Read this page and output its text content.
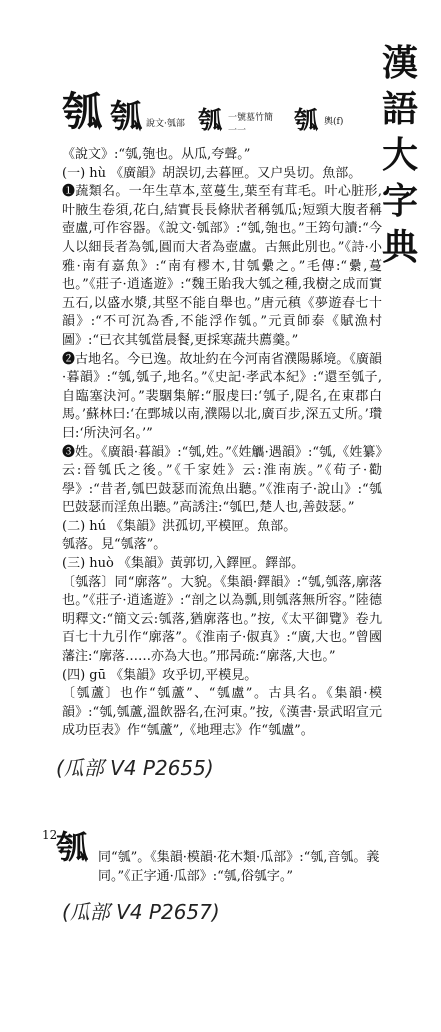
漢
語
大
字
典
瓠 瓠 說文·瓠部 瓠 一號墓竹簡一一	瓠 輿(f)

《說文》:“瓠,匏也。从瓜,夸聲。”

(一) hù 《廣韻》胡誤切,去暮匣。又户吳切。魚部。

❶蔬類名。一年生草本,莖蔓生,葉至有茸毛。叶心脏形,叶腋生卷須,花白,結實長長條狀者稱瓠瓜;短頸大腹者稱壺盧,可作容器。《說文·瓠部》:“瓠,匏也。”王筠句讀:“今人以細長者為瓠,圓而大者為壺盧。古無此別也。”《詩·小雅·南有嘉魚》:“南有樛木,甘瓠纍之。”毛傳:“纍,蔓也。”《莊子·逍遙遊》:“魏王貽我大瓠之種,我樹之成而實五石,以盛水漿,其堅不能自舉也。”唐元稹《夢遊春七十韻》:“不可沉為香,不能浮作瓠。”元貢師泰《賦漁村圖》:“已衣其瓠當晨餐,更採寒蔬共薦羹。”

❷古地名。今已逸。故址約在今河南省濮陽縣境。《廣韻·暮韻》:“瓠,瓠子,地名。”《史記·孝武本紀》:“還至瓠子,自臨塞決河。”裴駰集解:“服虔曰:‘瓠子,隄名,在東郡白馬。’蘇林曰:‘在鄄城以南,濮陽以北,廣百步,深五丈所。’瓚曰:‘所決河名。’”

❸姓。《廣韻·暮韻》:“瓠,姓。”《姓觿·遇韻》:“瓠,《姓纂》云:晉瓠氏之後。”《千家姓》云:淮南族。”《荀子·勸學》:“昔者,瓠巴鼓瑟而流魚出聽。”《淮南子·說山》:“瓠巴鼓瑟而淫魚出聽。”高誘注:“瓠巴,楚人也,善鼓瑟。”

(二) hú 《集韻》洪孤切,平模匣。魚部。

瓠落。見“瓠落”。

(三) huò 《集韻》黃郭切,入鐸匣。鐸部。

〔瓠落〕同“廓落”。大貌。《集韻·鐸韻》:“瓠,瓠落,廓落也。”《莊子·逍遙遊》:“剖之以為瓢,則瓠落無所容。”陸德明釋文:“簡文云:瓠落,猶廓落也。”按,《太平御覽》卷九百七十九引作“廓落”。《淮南子·俶真》:“廣,大也。”曾國藩注:“廓落……亦為大也。”邢昺疏:“廓落,大也。”

(四) gū 《集韻》攻乎切,平模見。

〔瓠蘆〕也作“瓠蘆”、“瓠盧”。古具名。《集韻·模韻》:“瓠,瓠蘆,溫飲器名,在河東。”按,《漢書·景武昭宣元成功臣表》作“瓠蘆”,《地理志》作“瓠盧”。

(瓜部 V4 P2655)
12
瓠 同“瓠”。《集韻·模韻·花木類·瓜部》:“瓠,音瓠。義同。”《正字通·瓜部》:“瓠,俗瓠字。”

(瓜部 V4 P2657)
